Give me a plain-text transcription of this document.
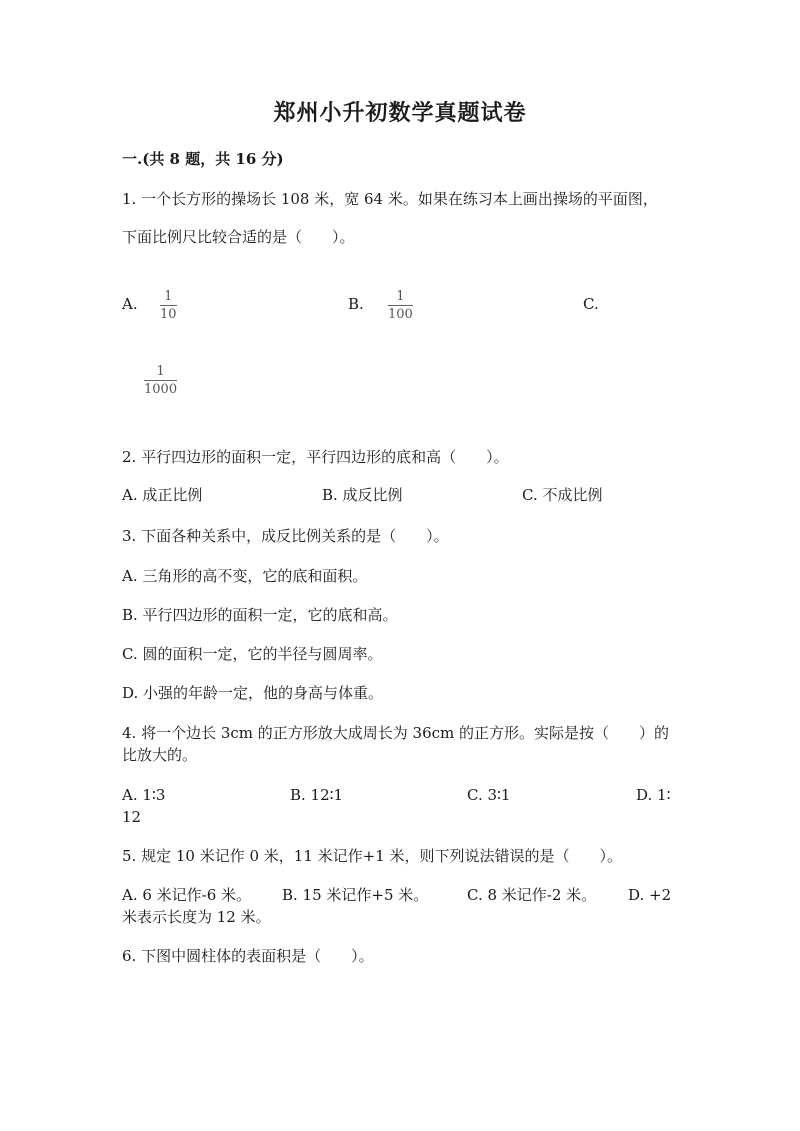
郑州小升初数学真题试卷
一.(共 8 题，共 16 分)
1. 一个长方形的操场长 108 米，宽 64 米。如果在练习本上画出操场的平面图，
下面比例尺比较合适的是（　　）。
A. 1
10
B. 1
100
C.
1
1000
2. 平行四边形的面积一定，平行四边形的底和高（　　）。
A. 成正比例	B. 成反比例	C. 不成比例
3. 下面各种关系中，成反比例关系的是（　　）。
A. 三角形的高不变，它的底和面积。
B. 平行四边形的面积一定，它的底和高。
C. 圆的面积一定，它的半径与圆周率。
D. 小强的年龄一定，他的身高与体重。
4. 将一个边长 3cm 的正方形放大成周长为 36cm 的正方形。实际是按（　　）的
比放大的。
A. 1∶3	B. 12∶1	C. 3∶1	D. 1∶
12
5. 规定 10 米记作 0 米，11 米记作+1 米，则下列说法错误的是（　　）。
A. 6 米记作-6 米。 B. 15 米记作+5 米。	C. 8 米记作-2 米。 D. +2
米表示长度为 12 米。
6. 下图中圆柱体的表面积是（　　）。
